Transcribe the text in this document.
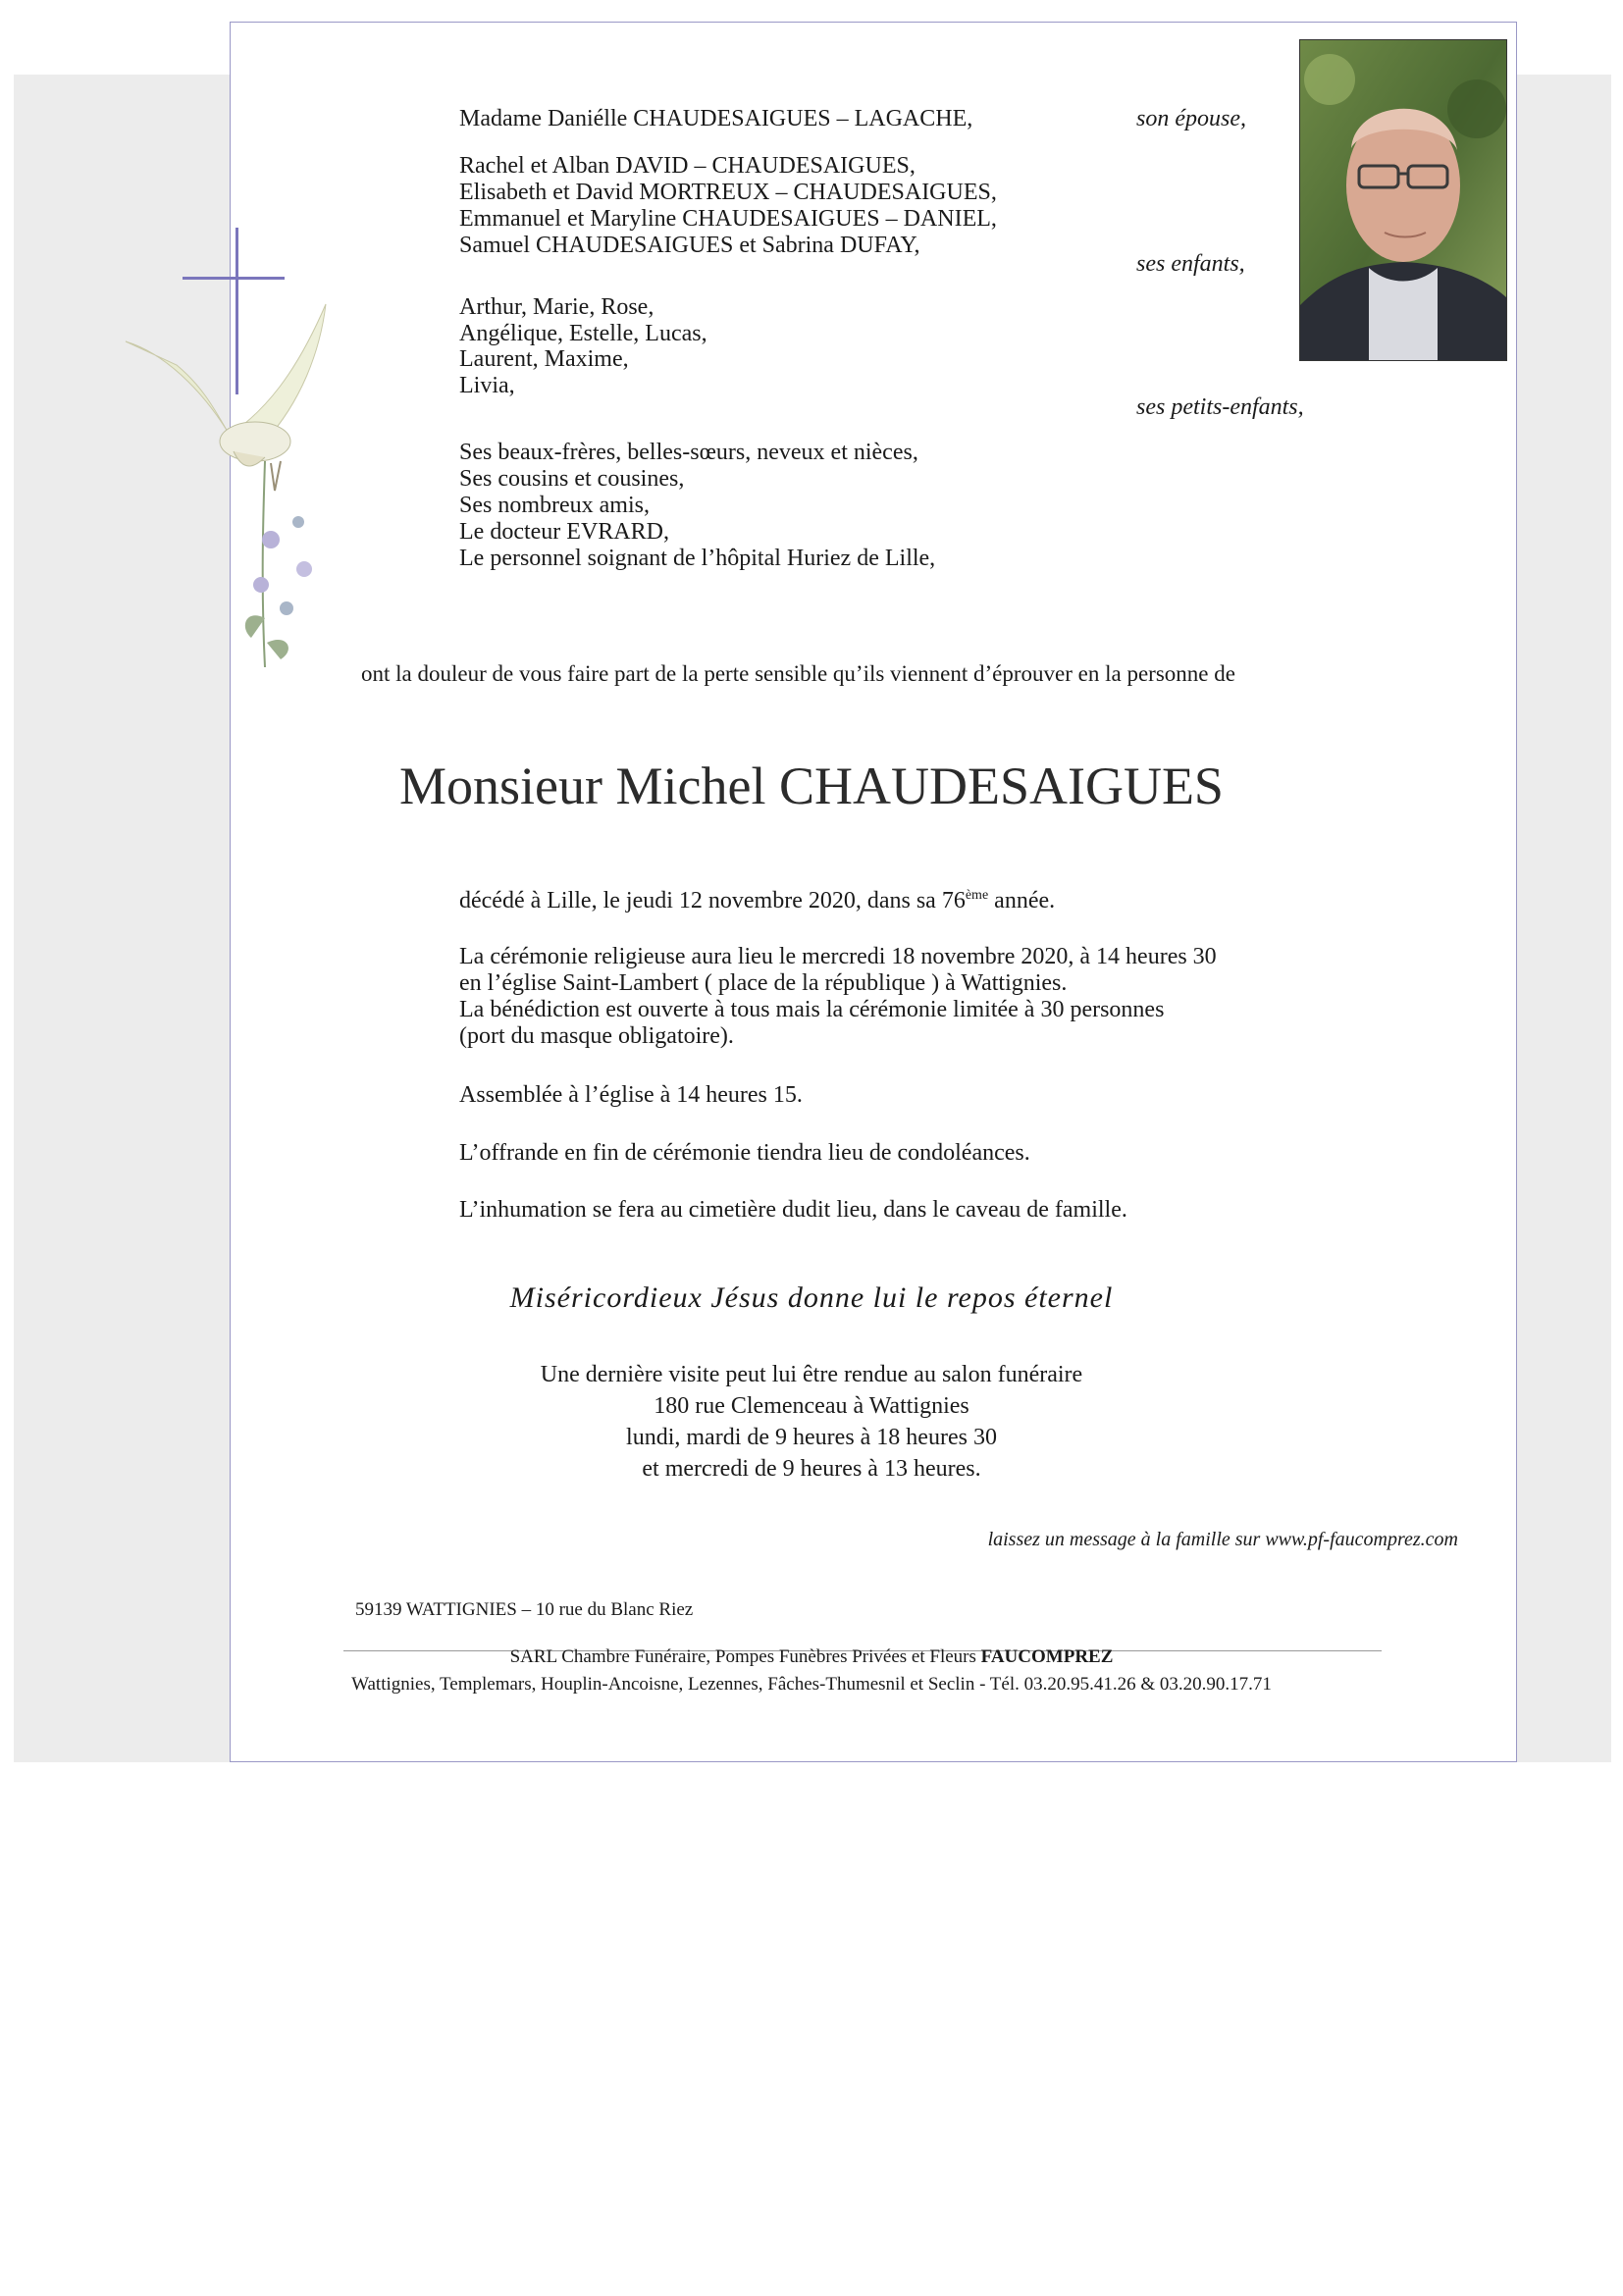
Madame Daniélle CHAUDESAIGUES – LAGACHE,	son épouse,
Rachel et Alban DAVID – CHAUDESAIGUES,
Elisabeth et David MORTREUX – CHAUDESAIGUES,
Emmanuel et Maryline CHAUDESAIGUES – DANIEL,
Samuel CHAUDESAIGUES et Sabrina DUFAY,
ses enfants,
Arthur, Marie, Rose,
Angélique, Estelle, Lucas,
Laurent, Maxime,
Livia,
ses petits-enfants,
Ses beaux-frères, belles-sœurs, neveux et nièces,
Ses cousins et cousines,
Ses nombreux amis,
Le docteur EVRARD,
Le personnel soignant de l’hôpital Huriez de Lille,
ont la douleur de vous faire part de la perte sensible qu’ils viennent d’éprouver en la personne de
Monsieur Michel CHAUDESAIGUES
décédé à Lille, le jeudi 12 novembre 2020, dans sa 76ème année.
La cérémonie religieuse aura lieu le mercredi 18 novembre 2020, à 14 heures 30
en l’église Saint-Lambert ( place de la république ) à Wattignies.
La bénédiction est ouverte à tous mais la cérémonie limitée à 30 personnes
(port du masque obligatoire).
Assemblée à l’église à 14 heures 15.
L’offrande en fin de cérémonie tiendra lieu de condoléances.
L’inhumation se fera au cimetière dudit lieu, dans le caveau de famille.
Miséricordieux Jésus donne lui le repos éternel
Une dernière visite peut lui être rendue au salon funéraire
180 rue Clemenceau à Wattignies
lundi, mardi de 9 heures à 18 heures 30
et mercredi de 9 heures à 13 heures.
laissez un message à la famille sur www.pf-faucomprez.com
59139 WATTIGNIES – 10 rue du Blanc Riez
SARL Chambre Funéraire, Pompes Funèbres Privées et Fleurs FAUCOMPREZ
Wattignies, Templemars, Houplin-Ancoisne, Lezennes, Fâches-Thumesnil et Seclin - Tél. 03.20.95.41.26 & 03.20.90.17.71
